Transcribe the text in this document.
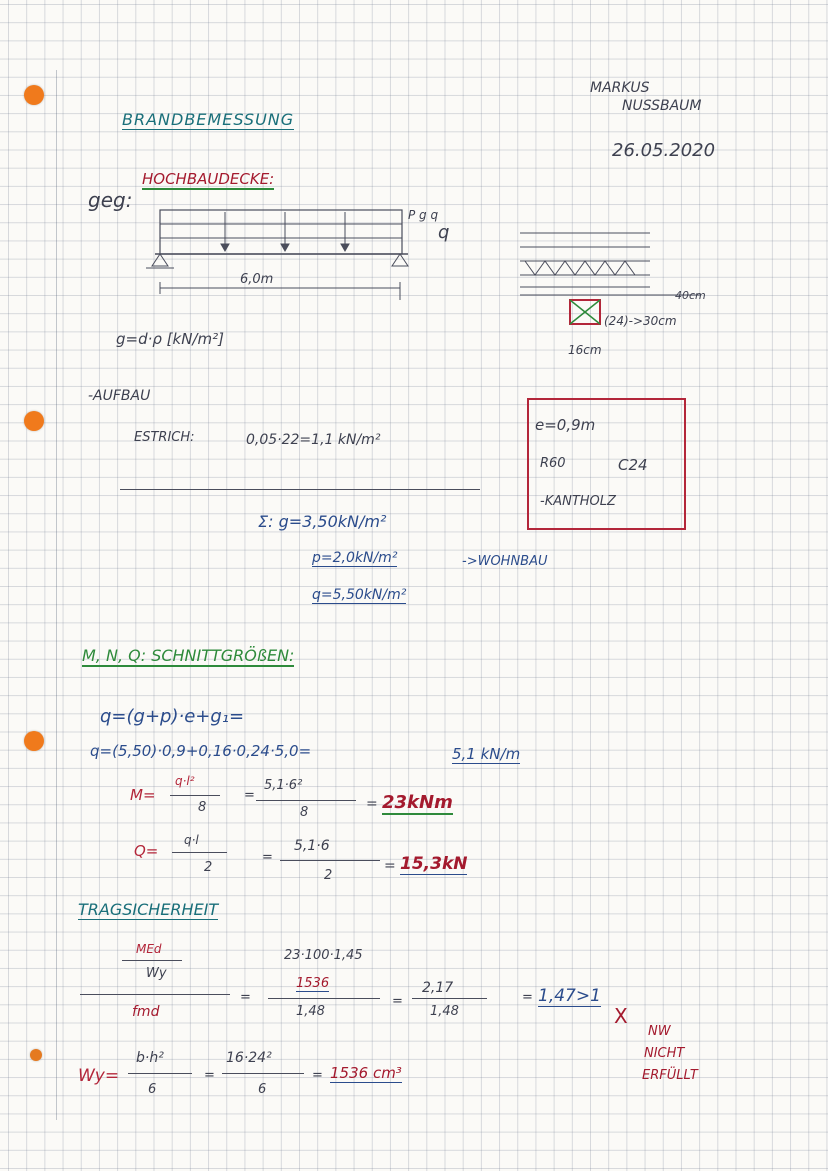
MARKUS
NUSSBAUM
26.05.2020
BRANDBEMESSUNG
HOCHBAUDECKE:
geg:
6,0m
P g q
q
40cm
(24)->30cm
16cm
g=d·ρ [kN/m²]
-AUFBAU
ESTRICH:	0,05·22=1,1 kN/m²
e=0,9m
R60	C24
-KANTHOLZ
Σ: g=3,50kN/m²
p=2,0kN/m²	->WOHNBAU
q=5,50kN/m²
M, N, Q: SCHNITTGRÖßEN:
q=(g+p)·e+g₁=
q=(5,50)·0,9+0,16·0,24·5,0=	5,1 kN/m
M=
q·l²
8
=
5,1·6²
8
= 23kNm
Q=
q·l
2
=
5,1·6
2
= 15,3kN
TRAGSICHERHEIT
MEd
Wy
fmd
=
23·100·1,45
1536
1,48
=
2,17
1,48
= 1,47>1
X
NW
NICHT
ERFÜLLT
Wy=
b·h²
6
=
16·24²
6
= 1536 cm³
